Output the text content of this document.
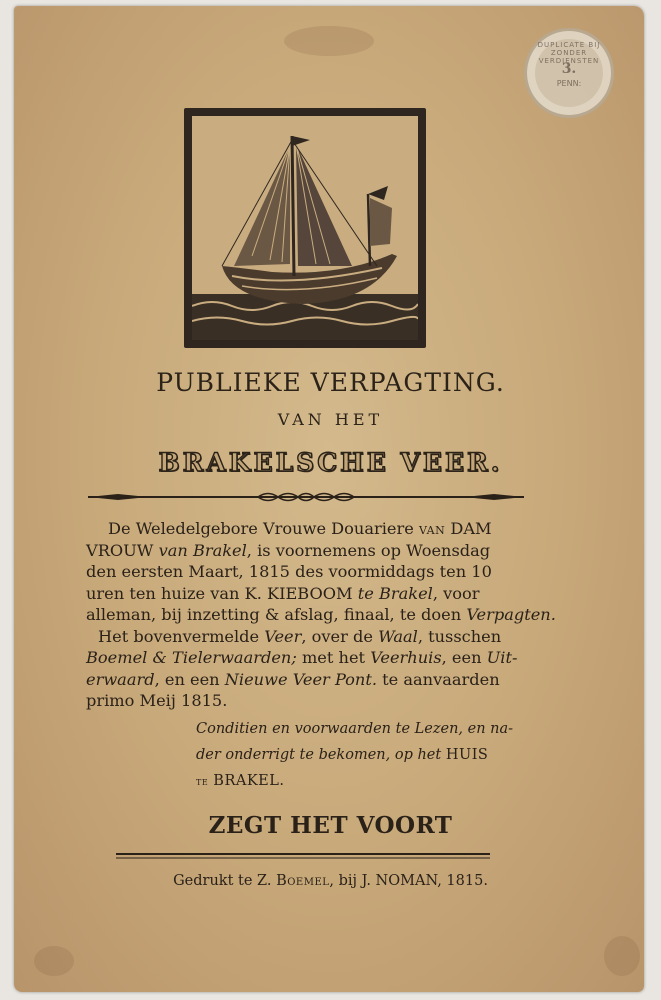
DUPLICATE BIJ ZONDER VERDIENSTEN
3.
PENN:
PUBLIEKE VERPAGTING.
VAN HET
BRAKELSCHE VEER.
De Weledelgebore Vrouwe Douariere van DAM
VROUW van Brakel, is voornemens op Woensdag
den eersten Maart, 1815 des voormiddags ten 10
uren ten huize van K. KIEBOOM te Brakel, voor
alleman, bij inzetting & afslag, finaal, te doen Verpagten.
Het bovenvermelde Veer, over de Waal, tusschen
Boemel & Tielerwaarden; met het Veerhuis, een Uit-
erwaard, en een Nieuwe Veer Pont. te aanvaarden
primo Meij 1815.
Conditien en voorwaarden te Lezen, en na-
der onderrigt te bekomen, op het HUIS
te BRAKEL.
ZEGT HET VOORT
Gedrukt te Z. Boemel, bij J. NOMAN, 1815.
